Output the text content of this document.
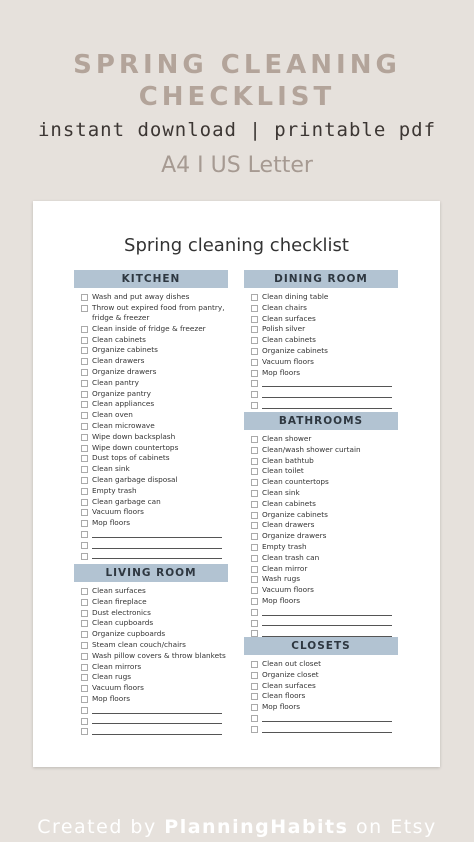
SPRING CLEANING
CHECKLIST
instant download | printable pdf
A4 I US Letter
Spring cleaning checklist
KITCHEN
Wash and put away dishes
Throw out expired food from pantry, fridge & freezer
Clean inside of fridge & freezer
Clean cabinets
Organize cabinets
Clean drawers
Organize drawers
Clean pantry
Organize pantry
Clean appliances
Clean oven
Clean microwave
Wipe down backsplash
Wipe down countertops
Dust tops of cabinets
Clean sink
Clean garbage disposal
Empty trash
Clean garbage can
Vacuum floors
Mop floors
LIVING ROOM
Clean surfaces
Clean fireplace
Dust electronics
Clean cupboards
Organize cupboards
Steam clean couch/chairs
Wash pillow covers & throw blankets
Clean mirrors
Clean rugs
Vacuum floors
Mop floors
DINING ROOM
Clean dining table
Clean chairs
Clean surfaces
Polish silver
Clean cabinets
Organize cabinets
Vacuum floors
Mop floors
BATHROOMS
Clean shower
Clean/wash shower curtain
Clean bathtub
Clean toilet
Clean countertops
Clean sink
Clean cabinets
Organize cabinets
Clean drawers
Organize drawers
Empty trash
Clean trash can
Clean mirror
Wash rugs
Vacuum floors
Mop floors
CLOSETS
Clean out closet
Organize closet
Clean surfaces
Clean floors
Mop floors
Created by PlanningHabits on Etsy
